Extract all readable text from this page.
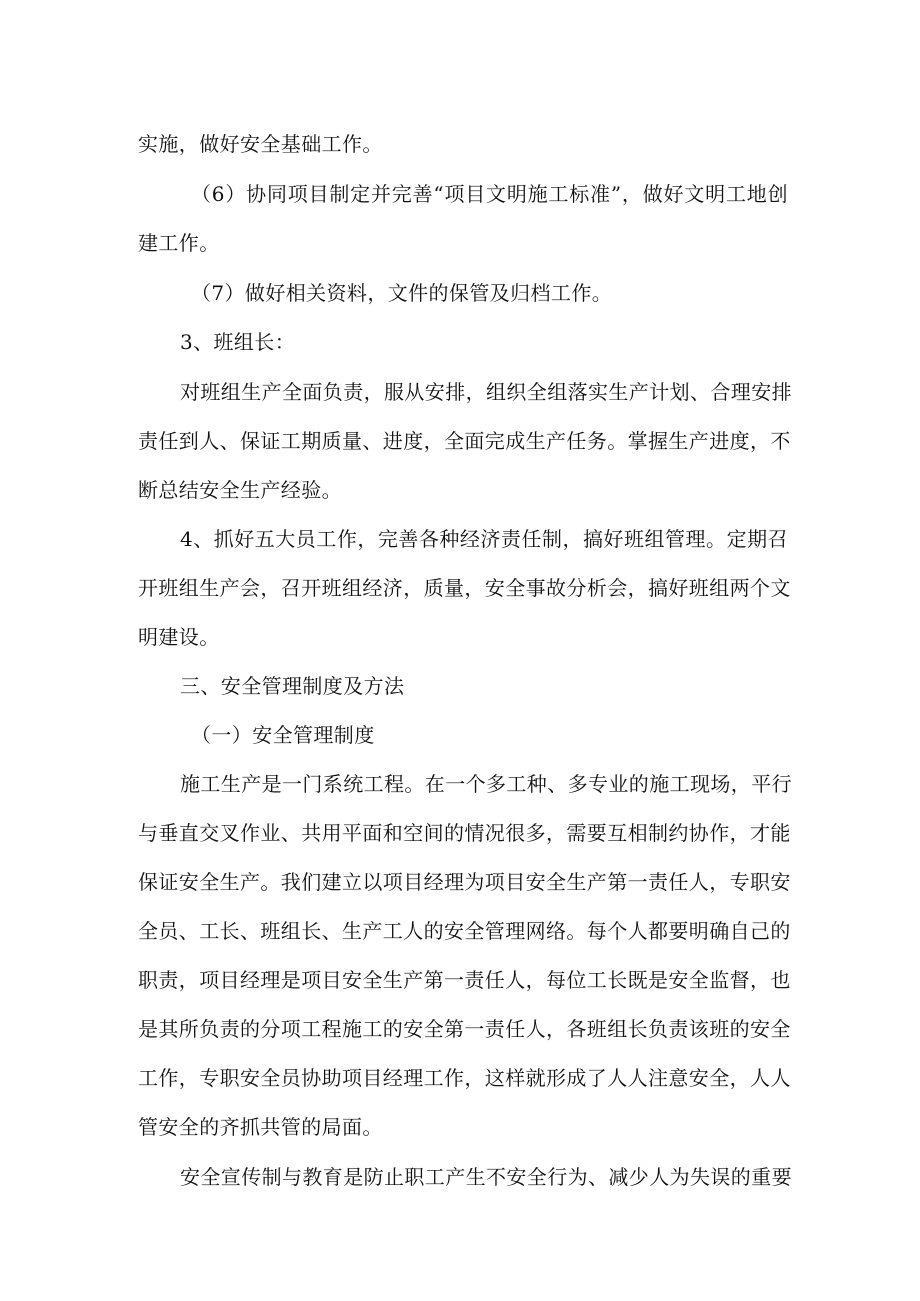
实施，做好安全基础工作。
（6）协同项目制定并完善“项目文明施工标准”，做好文明工地创
建工作。
（7）做好相关资料，文件的保管及归档工作。
3、班组长：
对班组生产全面负责，服从安排，组织全组落实生产计划、合理安排
责任到人、保证工期质量、进度，全面完成生产任务。掌握生产进度，不
断总结安全生产经验。
4、抓好五大员工作，完善各种经济责任制，搞好班组管理。定期召
开班组生产会，召开班组经济，质量，安全事故分析会，搞好班组两个文
明建设。
三、安全管理制度及方法
（一）安全管理制度
施工生产是一门系统工程。在一个多工种、多专业的施工现场，平行
与垂直交叉作业、共用平面和空间的情况很多，需要互相制约协作，才能
保证安全生产。我们建立以项目经理为项目安全生产第一责任人，专职安
全员、工长、班组长、生产工人的安全管理网络。每个人都要明确自己的
职责，项目经理是项目安全生产第一责任人，每位工长既是安全监督，也
是其所负责的分项工程施工的安全第一责任人，各班组长负责该班的安全
工作，专职安全员协助项目经理工作，这样就形成了人人注意安全，人人
管安全的齐抓共管的局面。
安全宣传制与教育是防止职工产生不安全行为、减少人为失误的重要
